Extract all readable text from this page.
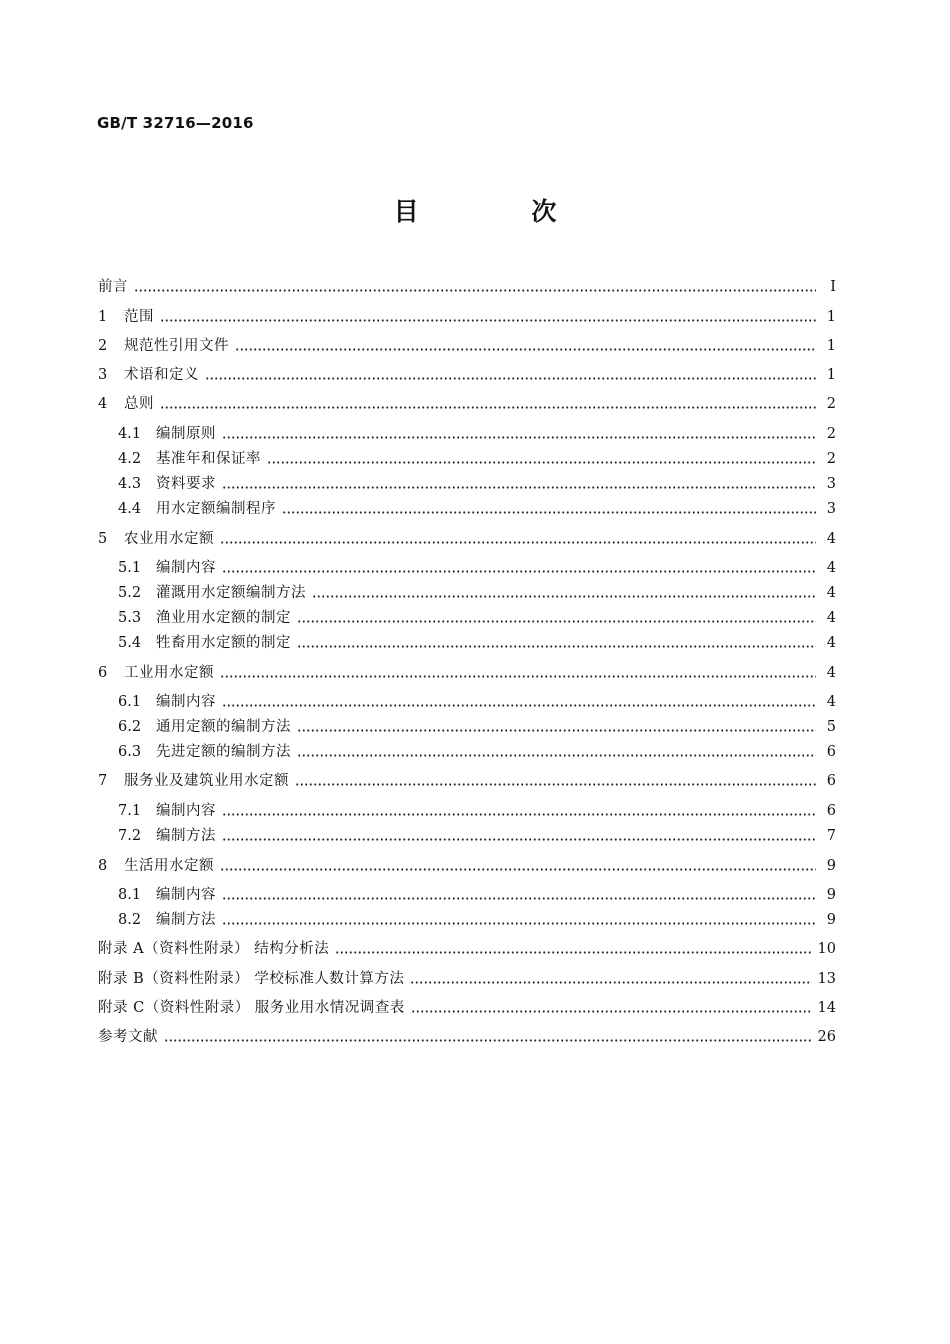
GB/T 32716—2016
目 次
前言	Ⅰ
1	范围	1
2	规范性引用文件	1
3	术语和定义	1
4	总则	2
4.1	编制原则	2
4.2	基准年和保证率	2
4.3	资料要求	3
4.4	用水定额编制程序	3
5	农业用水定额	4
5.1	编制内容	4
5.2	灌溉用水定额编制方法	4
5.3	渔业用水定额的制定	4
5.4	牲畜用水定额的制定	4
6	工业用水定额	4
6.1	编制内容	4
6.2	通用定额的编制方法	5
6.3	先进定额的编制方法	6
7	服务业及建筑业用水定额	6
7.1	编制内容	6
7.2	编制方法	7
8	生活用水定额	9
8.1	编制内容	9
8.2	编制方法	9
附录 A（资料性附录） 结构分析法	10
附录 B（资料性附录） 学校标准人数计算方法	13
附录 C（资料性附录） 服务业用水情况调查表	14
参考文献	26
